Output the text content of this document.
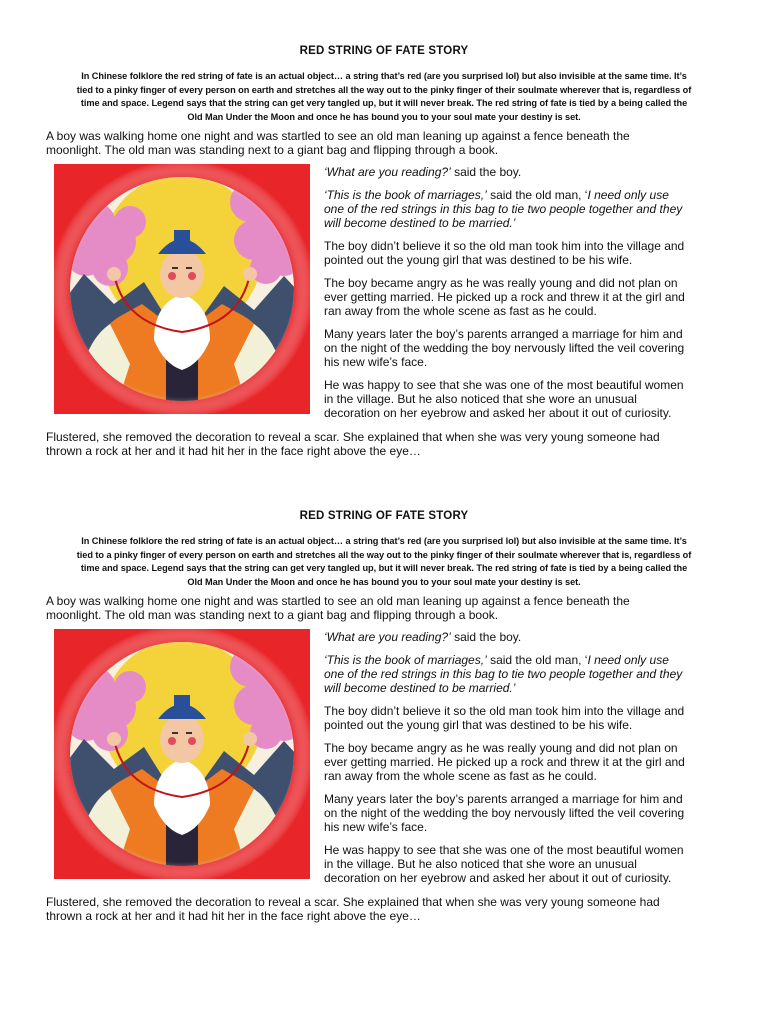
RED STRING OF FATE STORY
In Chinese folklore the red string of fate is an actual object… a string that’s red (are you surprised lol) but also invisible at the same time. It’s
tied to a pinky finger of every person on earth and stretches all the way out to the pinky finger of their soulmate wherever that is, regardless of
time and space. Legend says that the string can get very tangled up, but it will never break. The red string of fate is tied by a being called the
Old Man Under the Moon and once he has bound you to your soul mate your destiny is set.
A boy was walking home one night and was startled to see an old man leaning up against a fence beneath the
moonlight. The old man was standing next to a giant bag and flipping through a book.

‘What are you reading?’ said the boy.

‘This is the book of marriages,’ said the old man, ‘I need only use
one of the red strings in this bag to tie two people together and they
will become destined to be married.’

The boy didn’t believe it so the old man took him into the village and
pointed out the young girl that was destined to be his wife.

The boy became angry as he was really young and did not plan on
ever getting married. He picked up a rock and threw it at the girl and
ran away from the whole scene as fast as he could.

Many years later the boy’s parents arranged a marriage for him and
on the night of the wedding the boy nervously lifted the veil covering
his new wife’s face.

He was happy to see that she was one of the most beautiful women
in the village. But he also noticed that she wore an unusual
decoration on her eyebrow and asked her about it out of curiosity.

Flustered, she removed the decoration to reveal a scar. She explained that when she was very young someone had
thrown a rock at her and it had hit her in the face right above the eye…
RED STRING OF FATE STORY
In Chinese folklore the red string of fate is an actual object… a string that’s red (are you surprised lol) but also invisible at the same time. It’s
tied to a pinky finger of every person on earth and stretches all the way out to the pinky finger of their soulmate wherever that is, regardless of
time and space. Legend says that the string can get very tangled up, but it will never break. The red string of fate is tied by a being called the
Old Man Under the Moon and once he has bound you to your soul mate your destiny is set.
A boy was walking home one night and was startled to see an old man leaning up against a fence beneath the
moonlight. The old man was standing next to a giant bag and flipping through a book.

‘What are you reading?’ said the boy.

‘This is the book of marriages,’ said the old man, ‘I need only use
one of the red strings in this bag to tie two people together and they
will become destined to be married.’

The boy didn’t believe it so the old man took him into the village and
pointed out the young girl that was destined to be his wife.

The boy became angry as he was really young and did not plan on
ever getting married. He picked up a rock and threw it at the girl and
ran away from the whole scene as fast as he could.

Many years later the boy’s parents arranged a marriage for him and
on the night of the wedding the boy nervously lifted the veil covering
his new wife’s face.

He was happy to see that she was one of the most beautiful women
in the village. But he also noticed that she wore an unusual
decoration on her eyebrow and asked her about it out of curiosity.

Flustered, she removed the decoration to reveal a scar. She explained that when she was very young someone had
thrown a rock at her and it had hit her in the face right above the eye…
